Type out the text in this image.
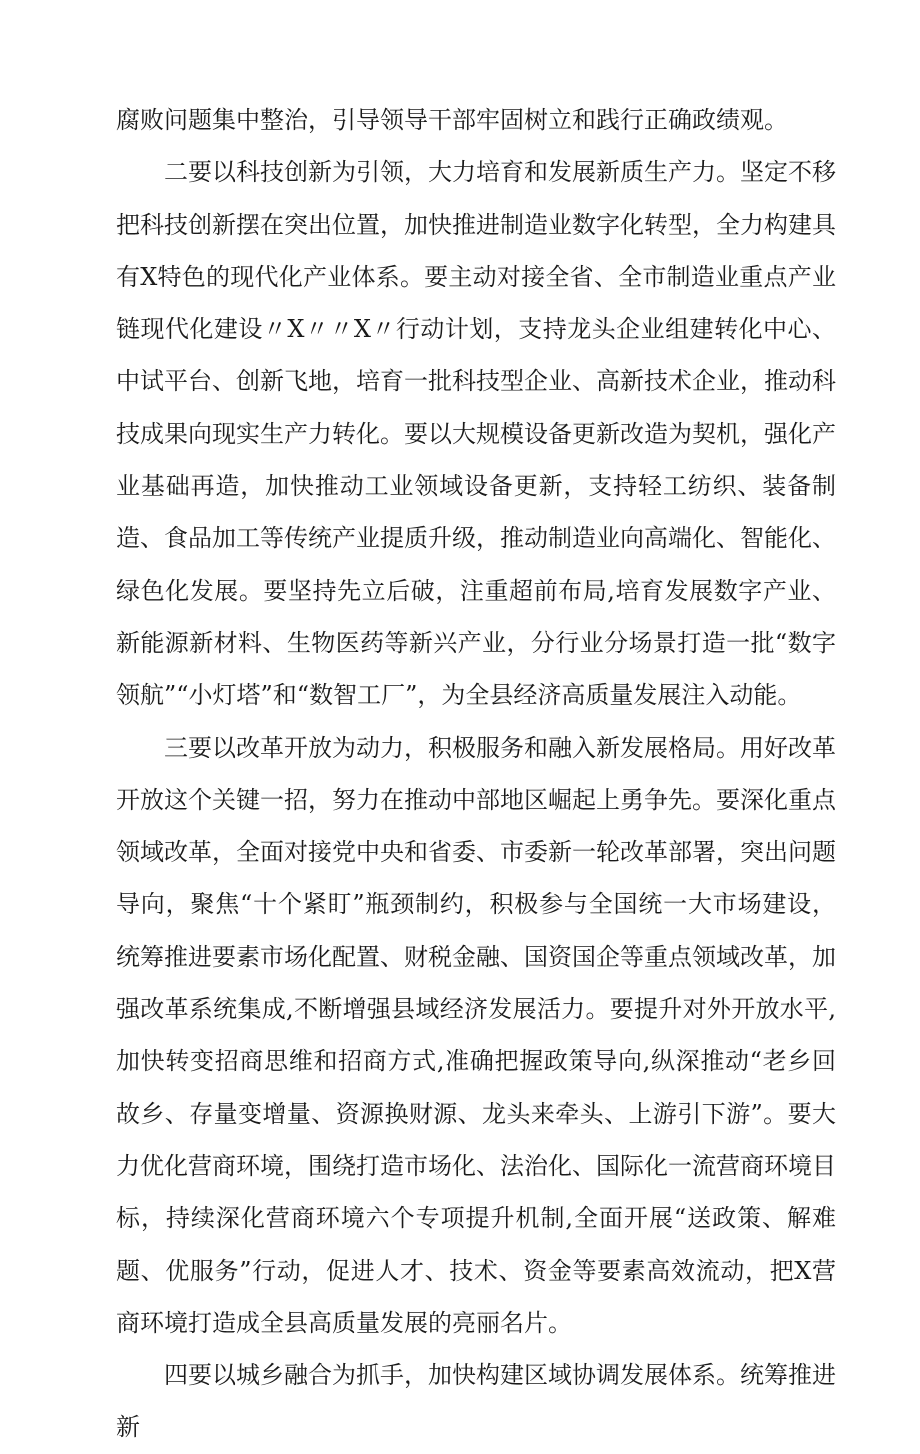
腐败问题集中整治，引导领导干部牢固树立和践行正确政绩观。

二要以科技创新为引领，大力培育和发展新质生产力。坚定不移把科技创新摆在突出位置，加快推进制造业数字化转型，全力构建具有X特色的现代化产业体系。要主动对接全省、全市制造业重点产业链现代化建设〃X〃〃X〃行动计划，支持龙头企业组建转化中心、中试平台、创新飞地，培育一批科技型企业、高新技术企业，推动科技成果向现实生产力转化。要以大规模设备更新改造为契机，强化产业基础再造，加快推动工业领域设备更新，支持轻工纺织、装备制造、食品加工等传统产业提质升级，推动制造业向高端化、智能化、绿色化发展。要坚持先立后破，注重超前布局,培育发展数字产业、新能源新材料、生物医药等新兴产业，分行业分场景打造一批“数字领航”“小灯塔”和“数智工厂”，为全县经济高质量发展注入动能。

三要以改革开放为动力，积极服务和融入新发展格局。用好改革开放这个关键一招，努力在推动中部地区崛起上勇争先。要深化重点领域改革，全面对接党中央和省委、市委新一轮改革部署，突出问题导向，聚焦“十个紧盯”瓶颈制约，积极参与全国统一大市场建设，统筹推进要素市场化配置、财税金融、国资国企等重点领域改革，加强改革系统集成,不断增强县域经济发展活力。要提升对外开放水平,加快转变招商思维和招商方式,准确把握政策导向,纵深推动“老乡回故乡、存量变增量、资源换财源、龙头来牵头、上游引下游”。要大力优化营商环境，围绕打造市场化、法治化、国际化一流营商环境目标，持续深化营商环境六个专项提升机制,全面开展“送政策、解难题、优服务”行动，促进人才、技术、资金等要素高效流动，把X营商环境打造成全县高质量发展的亮丽名片。

四要以城乡融合为抓手，加快构建区域协调发展体系。统筹推进新
